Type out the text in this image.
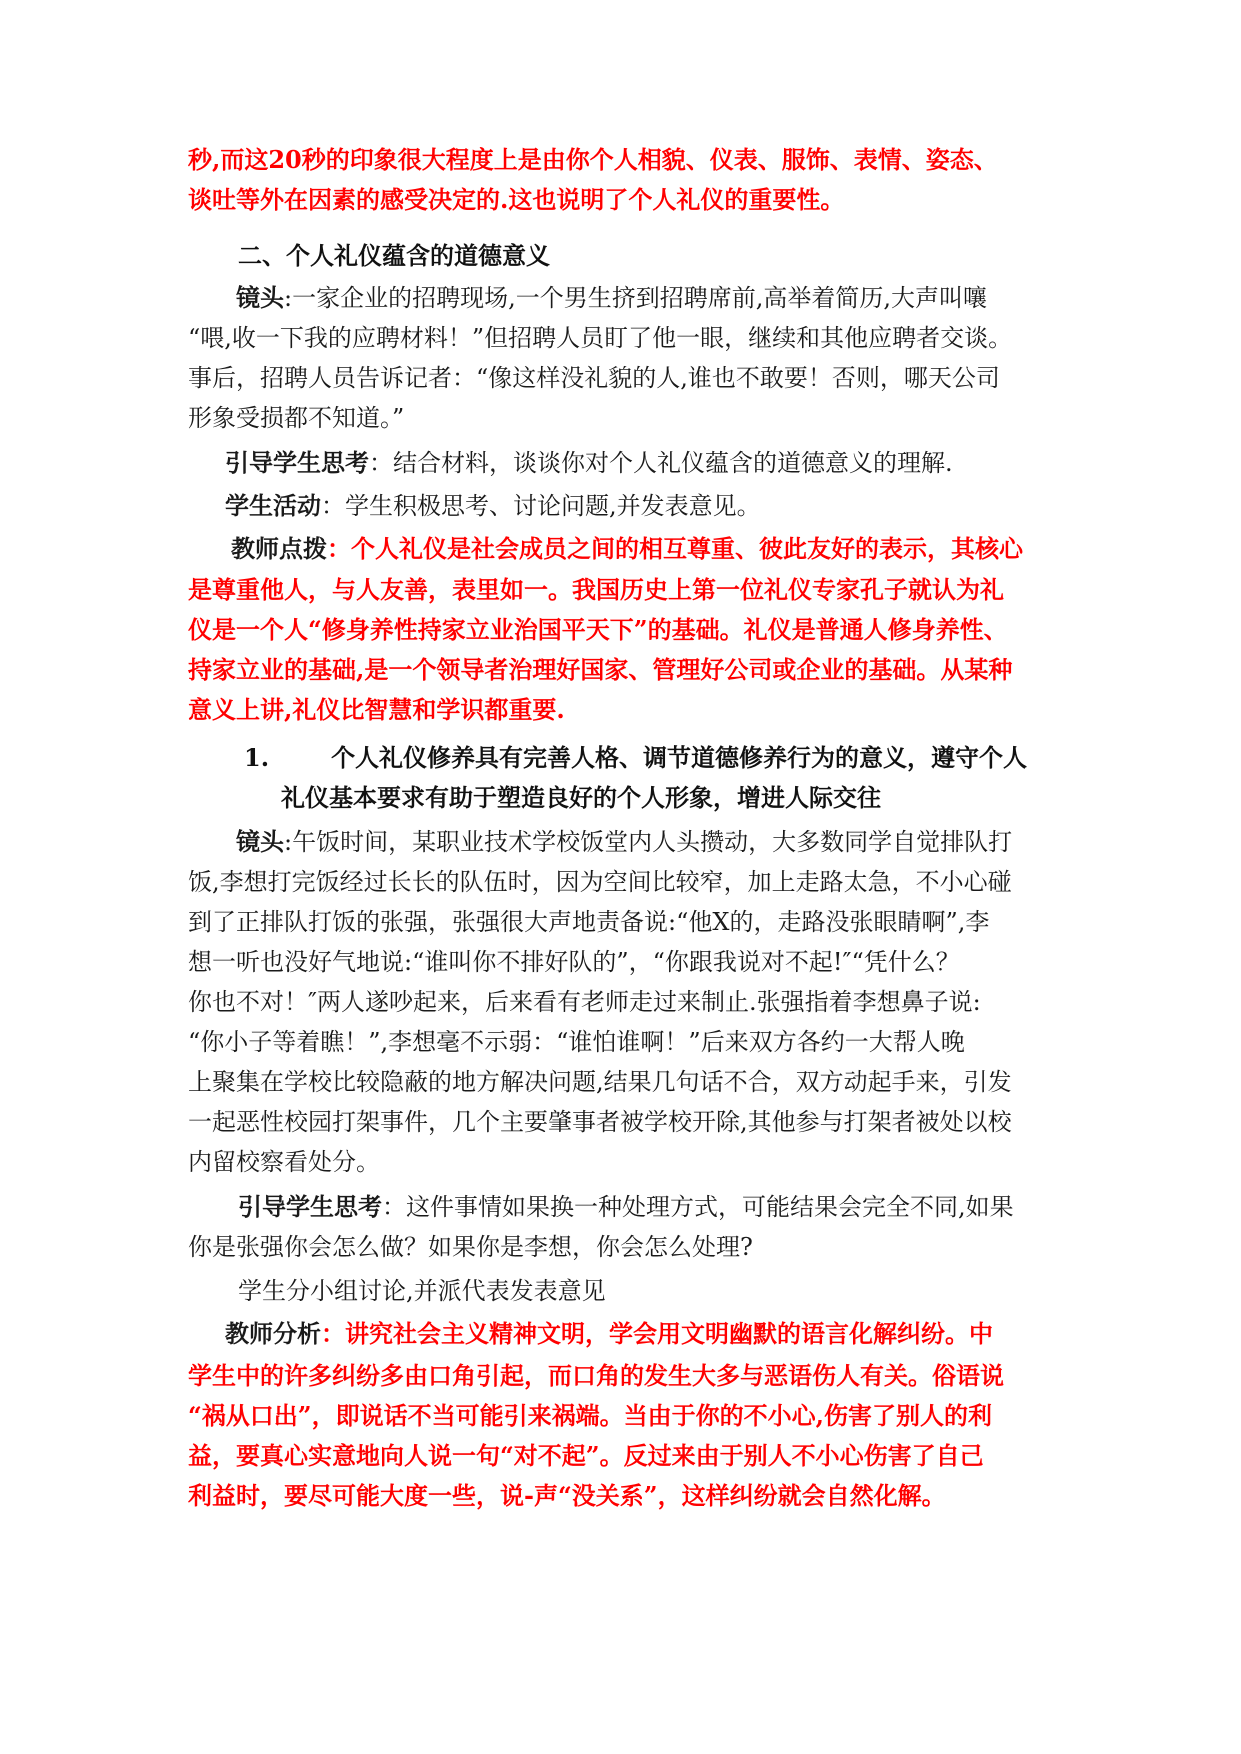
秒,而这20秒的印象很大程度上是由你个人相貌、仪表、服饰、表情、姿态、
谈吐等外在因素的感受决定的.这也说明了个人礼仪的重要性。
二、个人礼仪蕴含的道德意义
镜头:一家企业的招聘现场,一个男生挤到招聘席前,高举着简历,大声叫嚷
“喂,收一下我的应聘材料！”但招聘人员盯了他一眼，继续和其他应聘者交谈。
事后，招聘人员告诉记者：“像这样没礼貌的人,谁也不敢要！否则，哪天公司
形象受损都不知道。”
引导学生思考：结合材料，谈谈你对个人礼仪蕴含的道德意义的理解.
学生活动：学生积极思考、讨论问题,并发表意见。
教师点拨：个人礼仪是社会成员之间的相互尊重、彼此友好的表示，其核心
是尊重他人，与人友善，表里如一。我国历史上第一位礼仪专家孔子就认为礼
仪是一个人“修身养性持家立业治国平天下”的基础。礼仪是普通人修身养性、
持家立业的基础,是一个领导者治理好国家、管理好公司或企业的基础。从某种
意义上讲,礼仪比智慧和学识都重要.
1.	个人礼仪修养具有完善人格、调节道德修养行为的意义，遵守个人
礼仪基本要求有助于塑造良好的个人形象，增进人际交往
镜头:午饭时间，某职业技术学校饭堂内人头攒动，大多数同学自觉排队打
饭,李想打完饭经过长长的队伍时，因为空间比较窄，加上走路太急，不小心碰
到了正排队打饭的张强，张强很大声地责备说:“他X的，走路没张眼睛啊”,李
想一听也没好气地说:“谁叫你不排好队的”，“你跟我说对不起!″“凭什么？
你也不对！″两人遂吵起来，后来看有老师走过来制止.张强指着李想鼻子说:
“你小子等着瞧！”,李想毫不示弱：“谁怕谁啊！”后来双方各约一大帮人晚
上聚集在学校比较隐蔽的地方解决问题,结果几句话不合，双方动起手来，引发
一起恶性校园打架事件，几个主要肇事者被学校开除,其他参与打架者被处以校
内留校察看处分。
引导学生思考：这件事情如果换一种处理方式，可能结果会完全不同,如果
你是张强你会怎么做？如果你是李想，你会怎么处理?
学生分小组讨论,并派代表发表意见
教师分析：讲究社会主义精神文明，学会用文明幽默的语言化解纠纷。中
学生中的许多纠纷多由口角引起，而口角的发生大多与恶语伤人有关。俗语说
“祸从口出”，即说话不当可能引来祸端。当由于你的不小心,伤害了别人的利
益，要真心实意地向人说一句“对不起”。反过来由于别人不小心伤害了自己
利益时，要尽可能大度一些，说-声“没关系”，这样纠纷就会自然化解。
